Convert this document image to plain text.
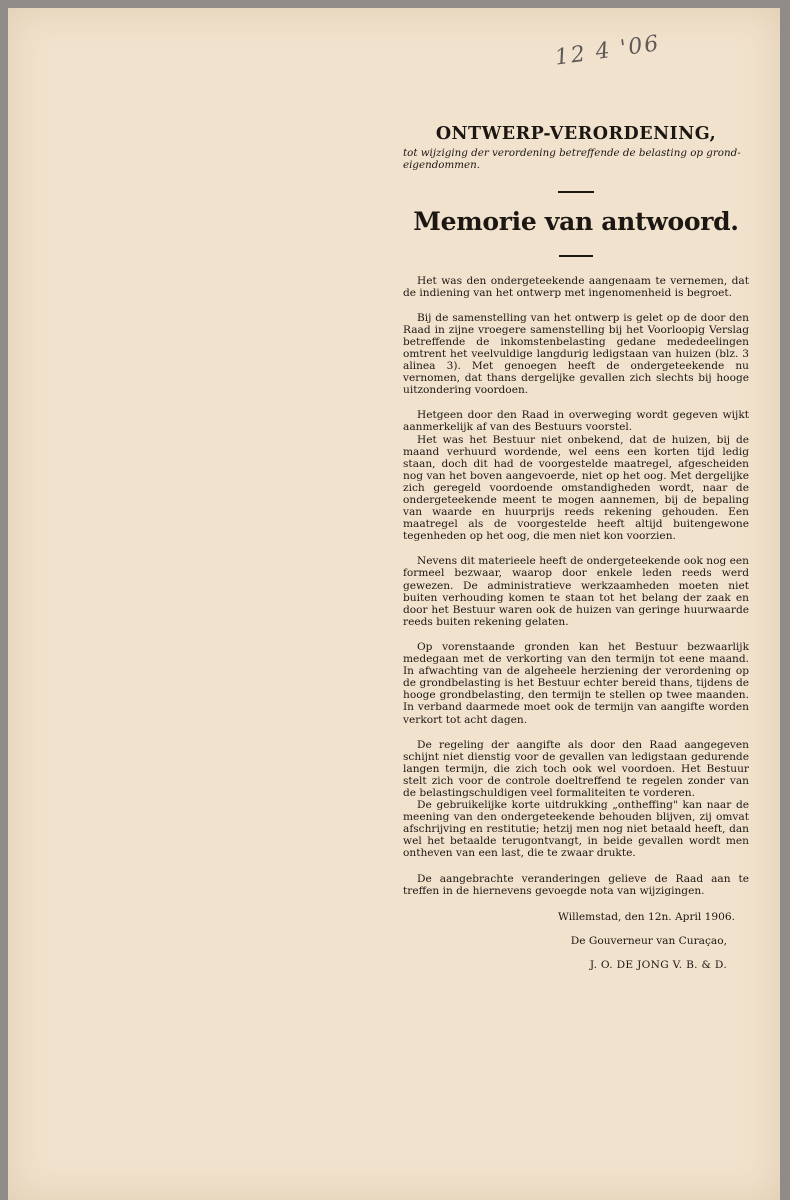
12 4 '06
ONTWERP-VERORDENING,

tot wijziging der verordening betreffende de belasting op grond-eigendommen.

Memorie van antwoord.

Het was den ondergeteekende aangenaam te vernemen, dat de indiening van het ontwerp met ingenomenheid is begroet.

Bij de samenstelling van het ontwerp is gelet op de door den Raad in zijne vroegere samenstelling bij het Voorloopig Verslag betreffende de inkomstenbelasting gedane mededeelingen omtrent het veelvuldige langdurig ledigstaan van huizen (blz. 3 alinea 3). Met genoegen heeft de ondergeteekende nu vernomen, dat thans dergelijke gevallen zich slechts bij hooge uitzondering voordoen.

Hetgeen door den Raad in overweging wordt gegeven wijkt aanmerkelijk af van des Bestuurs voorstel.

Het was het Bestuur niet onbekend, dat de huizen, bij de maand verhuurd wordende, wel eens een korten tijd ledig staan, doch dit had de voorgestelde maatregel, afgescheiden nog van het boven aangevoerde, niet op het oog. Met dergelijke zich geregeld voordoende omstandigheden wordt, naar de ondergeteekende meent te mogen aannemen, bij de bepaling van waarde en huurprijs reeds rekening gehouden. Een maatregel als de voorgestelde heeft altijd buitengewone tegenheden op het oog, die men niet kon voorzien.

Nevens dit materieele heeft de ondergeteekende ook nog een formeel bezwaar, waarop door enkele leden reeds werd gewezen. De administratieve werkzaamheden moeten niet buiten verhouding komen te staan tot het belang der zaak en door het Bestuur waren ook de huizen van geringe huurwaarde reeds buiten rekening gelaten.

Op vorenstaande gronden kan het Bestuur bezwaarlijk medegaan met de verkorting van den termijn tot eene maand. In afwachting van de algeheele herziening der verordening op de grondbelasting is het Bestuur echter bereid thans, tijdens de hooge grondbelasting, den termijn te stellen op twee maanden. In verband daarmede moet ook de termijn van aangifte worden verkort tot acht dagen.

De regeling der aangifte als door den Raad aangegeven schijnt niet dienstig voor de gevallen van ledigstaan gedurende langen termijn, die zich toch ook wel voordoen. Het Bestuur stelt zich voor de controle doeltreffend te regelen zonder van de belastingschuldigen veel formaliteiten te vorderen.

De gebruikelijke korte uitdrukking „ontheffing" kan naar de meening van den ondergeteekende behouden blijven, zij omvat afschrijving en restitutie; hetzij men nog niet betaald heeft, dan wel het betaalde terugontvangt, in beide gevallen wordt men ontheven van een last, die te zwaar drukte.

De aangebrachte veranderingen gelieve de Raad aan te treffen in de hiernevens gevoegde nota van wijzigingen.

Willemstad, den 12n. April 1906.

De Gouverneur van Curaçao,

J. O. DE JONG V. B. & D.
